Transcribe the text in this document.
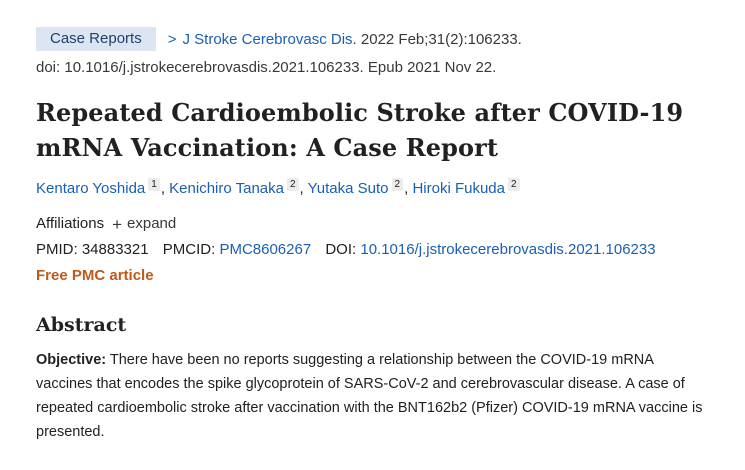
Case Reports	> J Stroke Cerebrovasc Dis . 2022 Feb;31(2):106233.
doi: 10.1016/j.jstrokecerebrovasdis.2021.106233. Epub 2021 Nov 22.
Repeated Cardioembolic Stroke after COVID-19 mRNA Vaccination: A Case Report
Kentaro Yoshida 1 , Kenichiro Tanaka 2 , Yutaka Suto 2 , Hiroki Fukuda 2
Affiliations + expand
PMID: 34883321 PMCID: PMC8606267 DOI: 10.1016/j.jstrokecerebrovasdis.2021.106233
Free PMC article
Abstract
Objective: There have been no reports suggesting a relationship between the COVID-19 mRNA vaccines that encodes the spike glycoprotein of SARS-CoV-2 and cerebrovascular disease. A case of repeated cardioembolic stroke after vaccination with the BNT162b2 (Pfizer) COVID-19 mRNA vaccine is presented.
